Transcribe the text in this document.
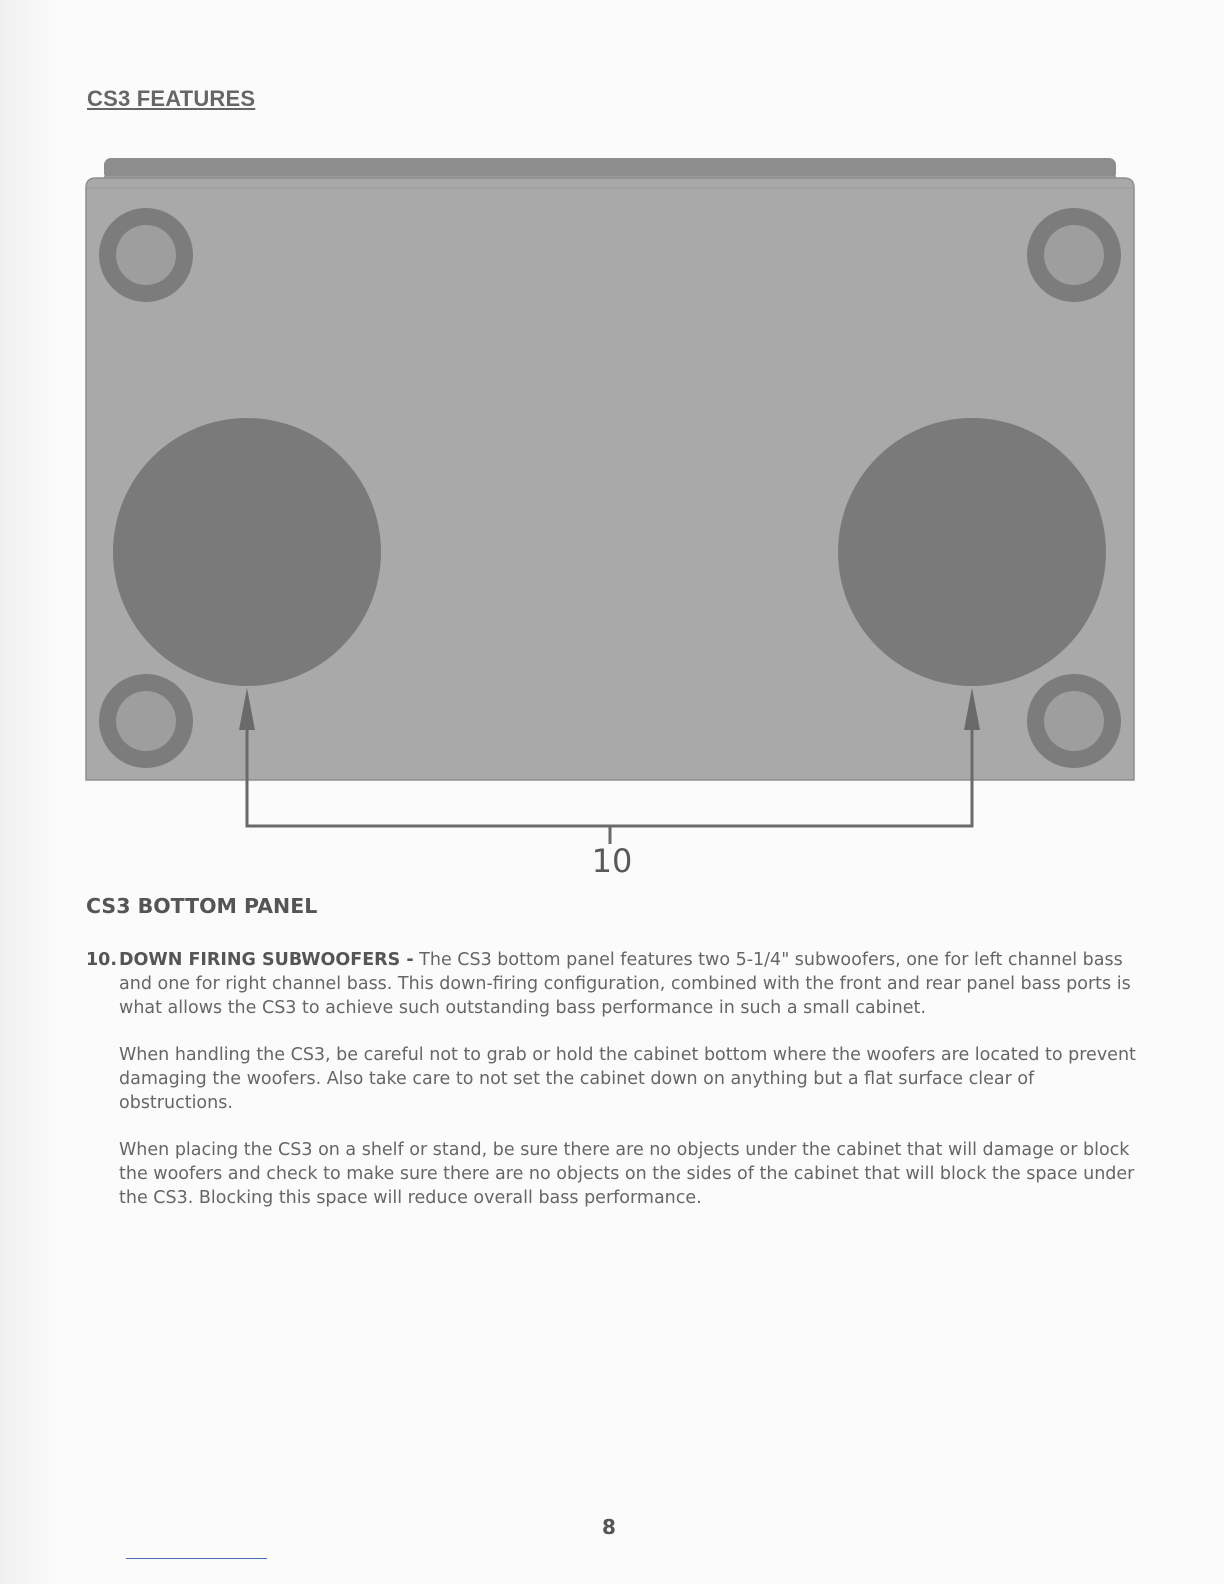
CS3 FEATURES

10

CS3 BOTTOM PANEL
10. DOWN FIRING SUBWOOFERS - The CS3 bottom panel features two 5-1/4" subwoofers, one for left channel bass and one for right channel bass. This down-firing configuration, combined with the front and rear panel bass ports is what allows the CS3 to achieve such outstanding bass performance in such a small cabinet.

When handling the CS3, be careful not to grab or hold the cabinet bottom where the woofers are located to prevent damaging the woofers. Also take care to not set the cabinet down on anything but a flat surface clear of obstructions.

When placing the CS3 on a shelf or stand, be sure there are no objects under the cabinet that will damage or block the woofers and check to make sure there are no objects on the sides of the cabinet that will block the space under the CS3. Blocking this space will reduce overall bass performance.

8
